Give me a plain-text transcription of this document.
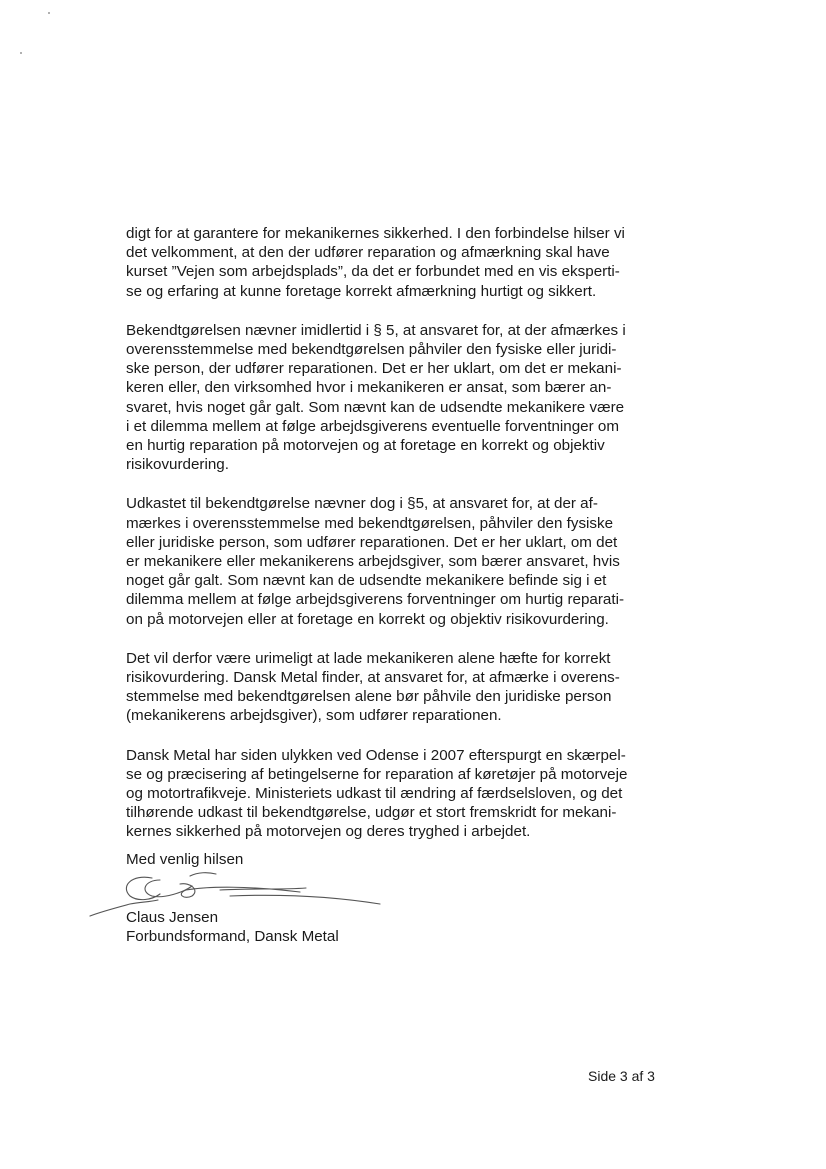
digt for at garantere for mekanikernes sikkerhed. I den forbindelse hilser vi
det velkomment, at den der udfører reparation og afmærkning skal have
kurset ”Vejen som arbejdsplads”, da det er forbundet med en vis eksperti-
se og erfaring at kunne foretage korrekt afmærkning hurtigt og sikkert.

Bekendtgørelsen nævner imidlertid i § 5, at ansvaret for, at der afmærkes i
overensstemmelse med bekendtgørelsen påhviler den fysiske eller juridi-
ske person, der udfører reparationen. Det er her uklart, om det er mekani-
keren eller, den virksomhed hvor i mekanikeren er ansat, som bærer an-
svaret, hvis noget går galt. Som nævnt kan de udsendte mekanikere være
i et dilemma mellem at følge arbejdsgiverens eventuelle forventninger om
en hurtig reparation på motorvejen og at foretage en korrekt og objektiv
risikovurdering.

Udkastet til bekendtgørelse nævner dog i §5, at ansvaret for, at der af-
mærkes i overensstemmelse med bekendtgørelsen, påhviler den fysiske
eller juridiske person, som udfører reparationen. Det er her uklart, om det
er mekanikere eller mekanikerens arbejdsgiver, som bærer ansvaret, hvis
noget går galt. Som nævnt kan de udsendte mekanikere befinde sig i et
dilemma mellem at følge arbejdsgiverens forventninger om hurtig reparati-
on på motorvejen eller at foretage en korrekt og objektiv risikovurdering.

Det vil derfor være urimeligt at lade mekanikeren alene hæfte for korrekt
risikovurdering. Dansk Metal finder, at ansvaret for, at afmærke i overens-
stemmelse med bekendtgørelsen alene bør påhvile den juridiske person
(mekanikerens arbejdsgiver), som udfører reparationen.

Dansk Metal har siden ulykken ved Odense i 2007 efterspurgt en skærpel-
se og præcisering af betingelserne for reparation af køretøjer på motorveje
og motortrafikveje. Ministeriets udkast til ændring af færdselsloven, og det
tilhørende udkast til bekendtgørelse, udgør et stort fremskridt for mekani-
kernes sikkerhed på motorvejen og deres tryghed i arbejdet.

Med venlig hilsen
Claus Jensen
Forbundsformand, Dansk Metal
Side 3 af 3
